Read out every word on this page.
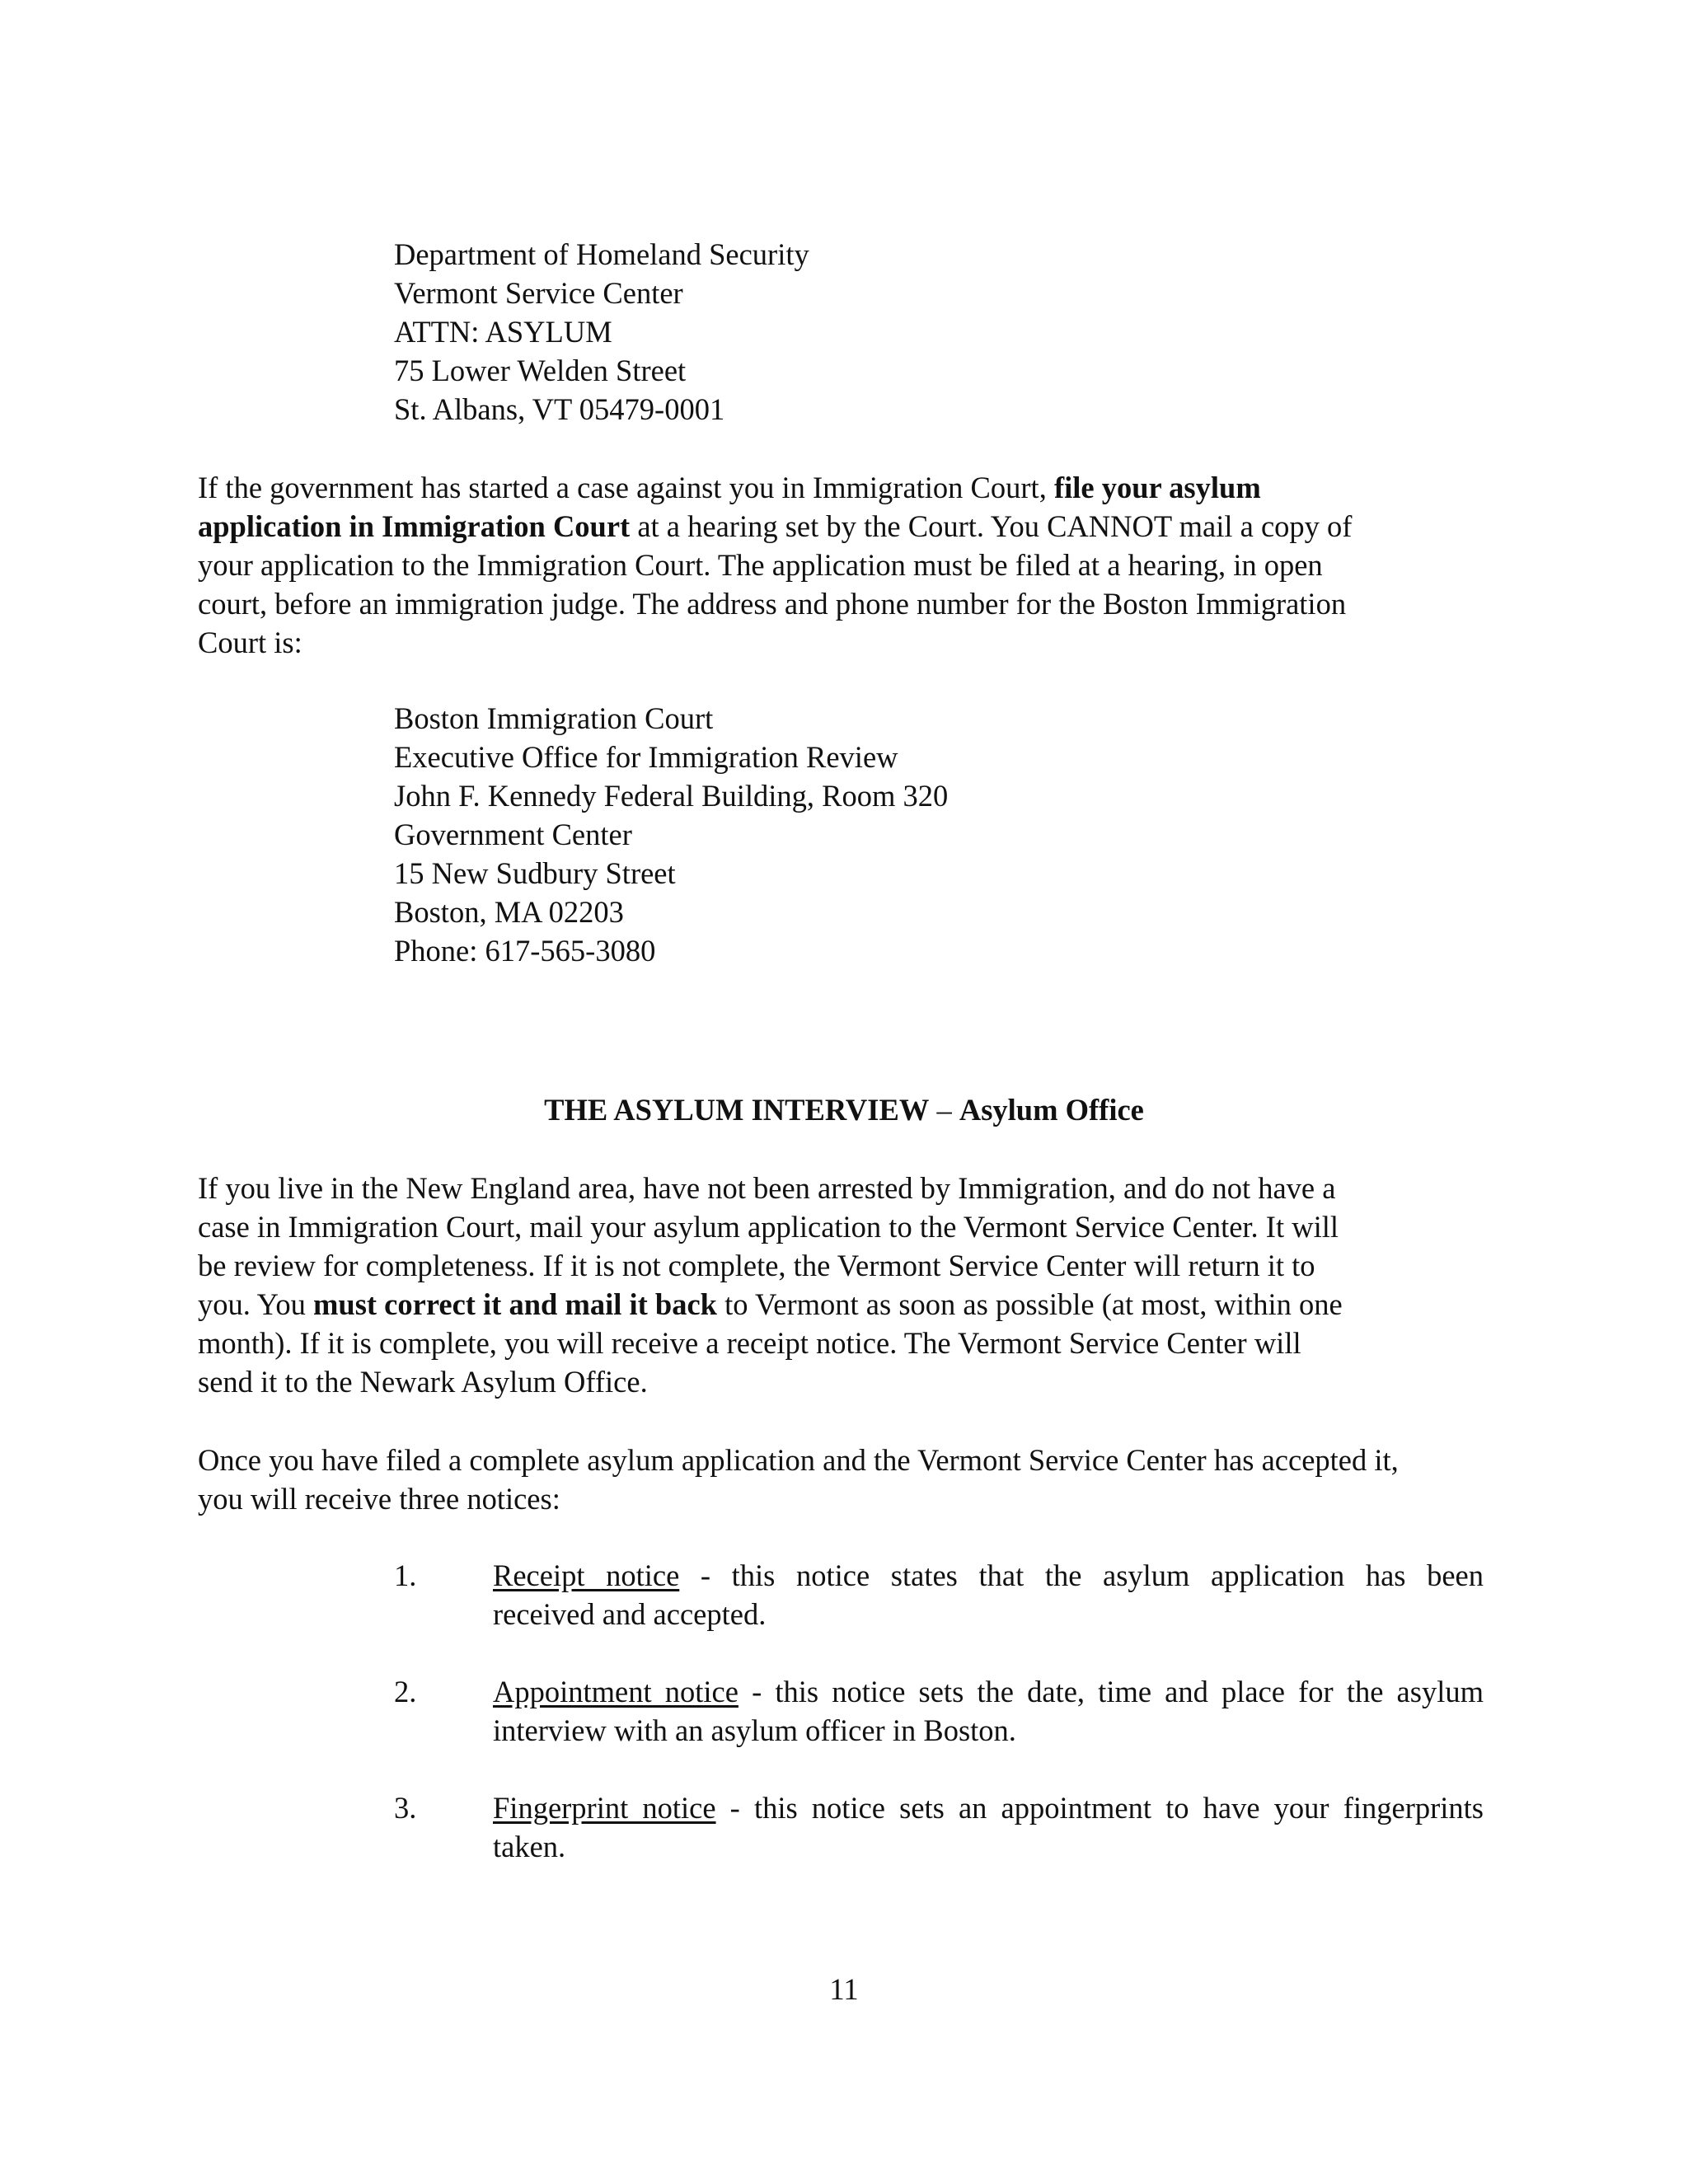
Department of Homeland Security
Vermont Service Center
ATTN: ASYLUM
75 Lower Welden Street
St. Albans, VT 05479-0001
If the government has started a case against you in Immigration Court, file your asylum
application in Immigration Court at a hearing set by the Court. You CANNOT mail a copy of
your application to the Immigration Court. The application must be filed at a hearing, in open
court, before an immigration judge. The address and phone number for the Boston Immigration
Court is:
Boston Immigration Court
Executive Office for Immigration Review
John F. Kennedy Federal Building, Room 320
Government Center
15 New Sudbury Street
Boston, MA 02203
Phone: 617-565-3080
THE ASYLUM INTERVIEW – Asylum Office
If you live in the New England area, have not been arrested by Immigration, and do not have a
case in Immigration Court, mail your asylum application to the Vermont Service Center. It will
be review for completeness. If it is not complete, the Vermont Service Center will return it to
you. You must correct it and mail it back to Vermont as soon as possible (at most, within one
month). If it is complete, you will receive a receipt notice. The Vermont Service Center will
send it to the Newark Asylum Office.
Once you have filed a complete asylum application and the Vermont Service Center has accepted it,
you will receive three notices:
1.	Receipt notice - this notice states that the asylum application has been
received and accepted.
2.	Appointment notice - this notice sets the date, time and place for the asylum
interview with an asylum officer in Boston.
3.	Fingerprint notice - this notice sets an appointment to have your fingerprints
taken.
11
